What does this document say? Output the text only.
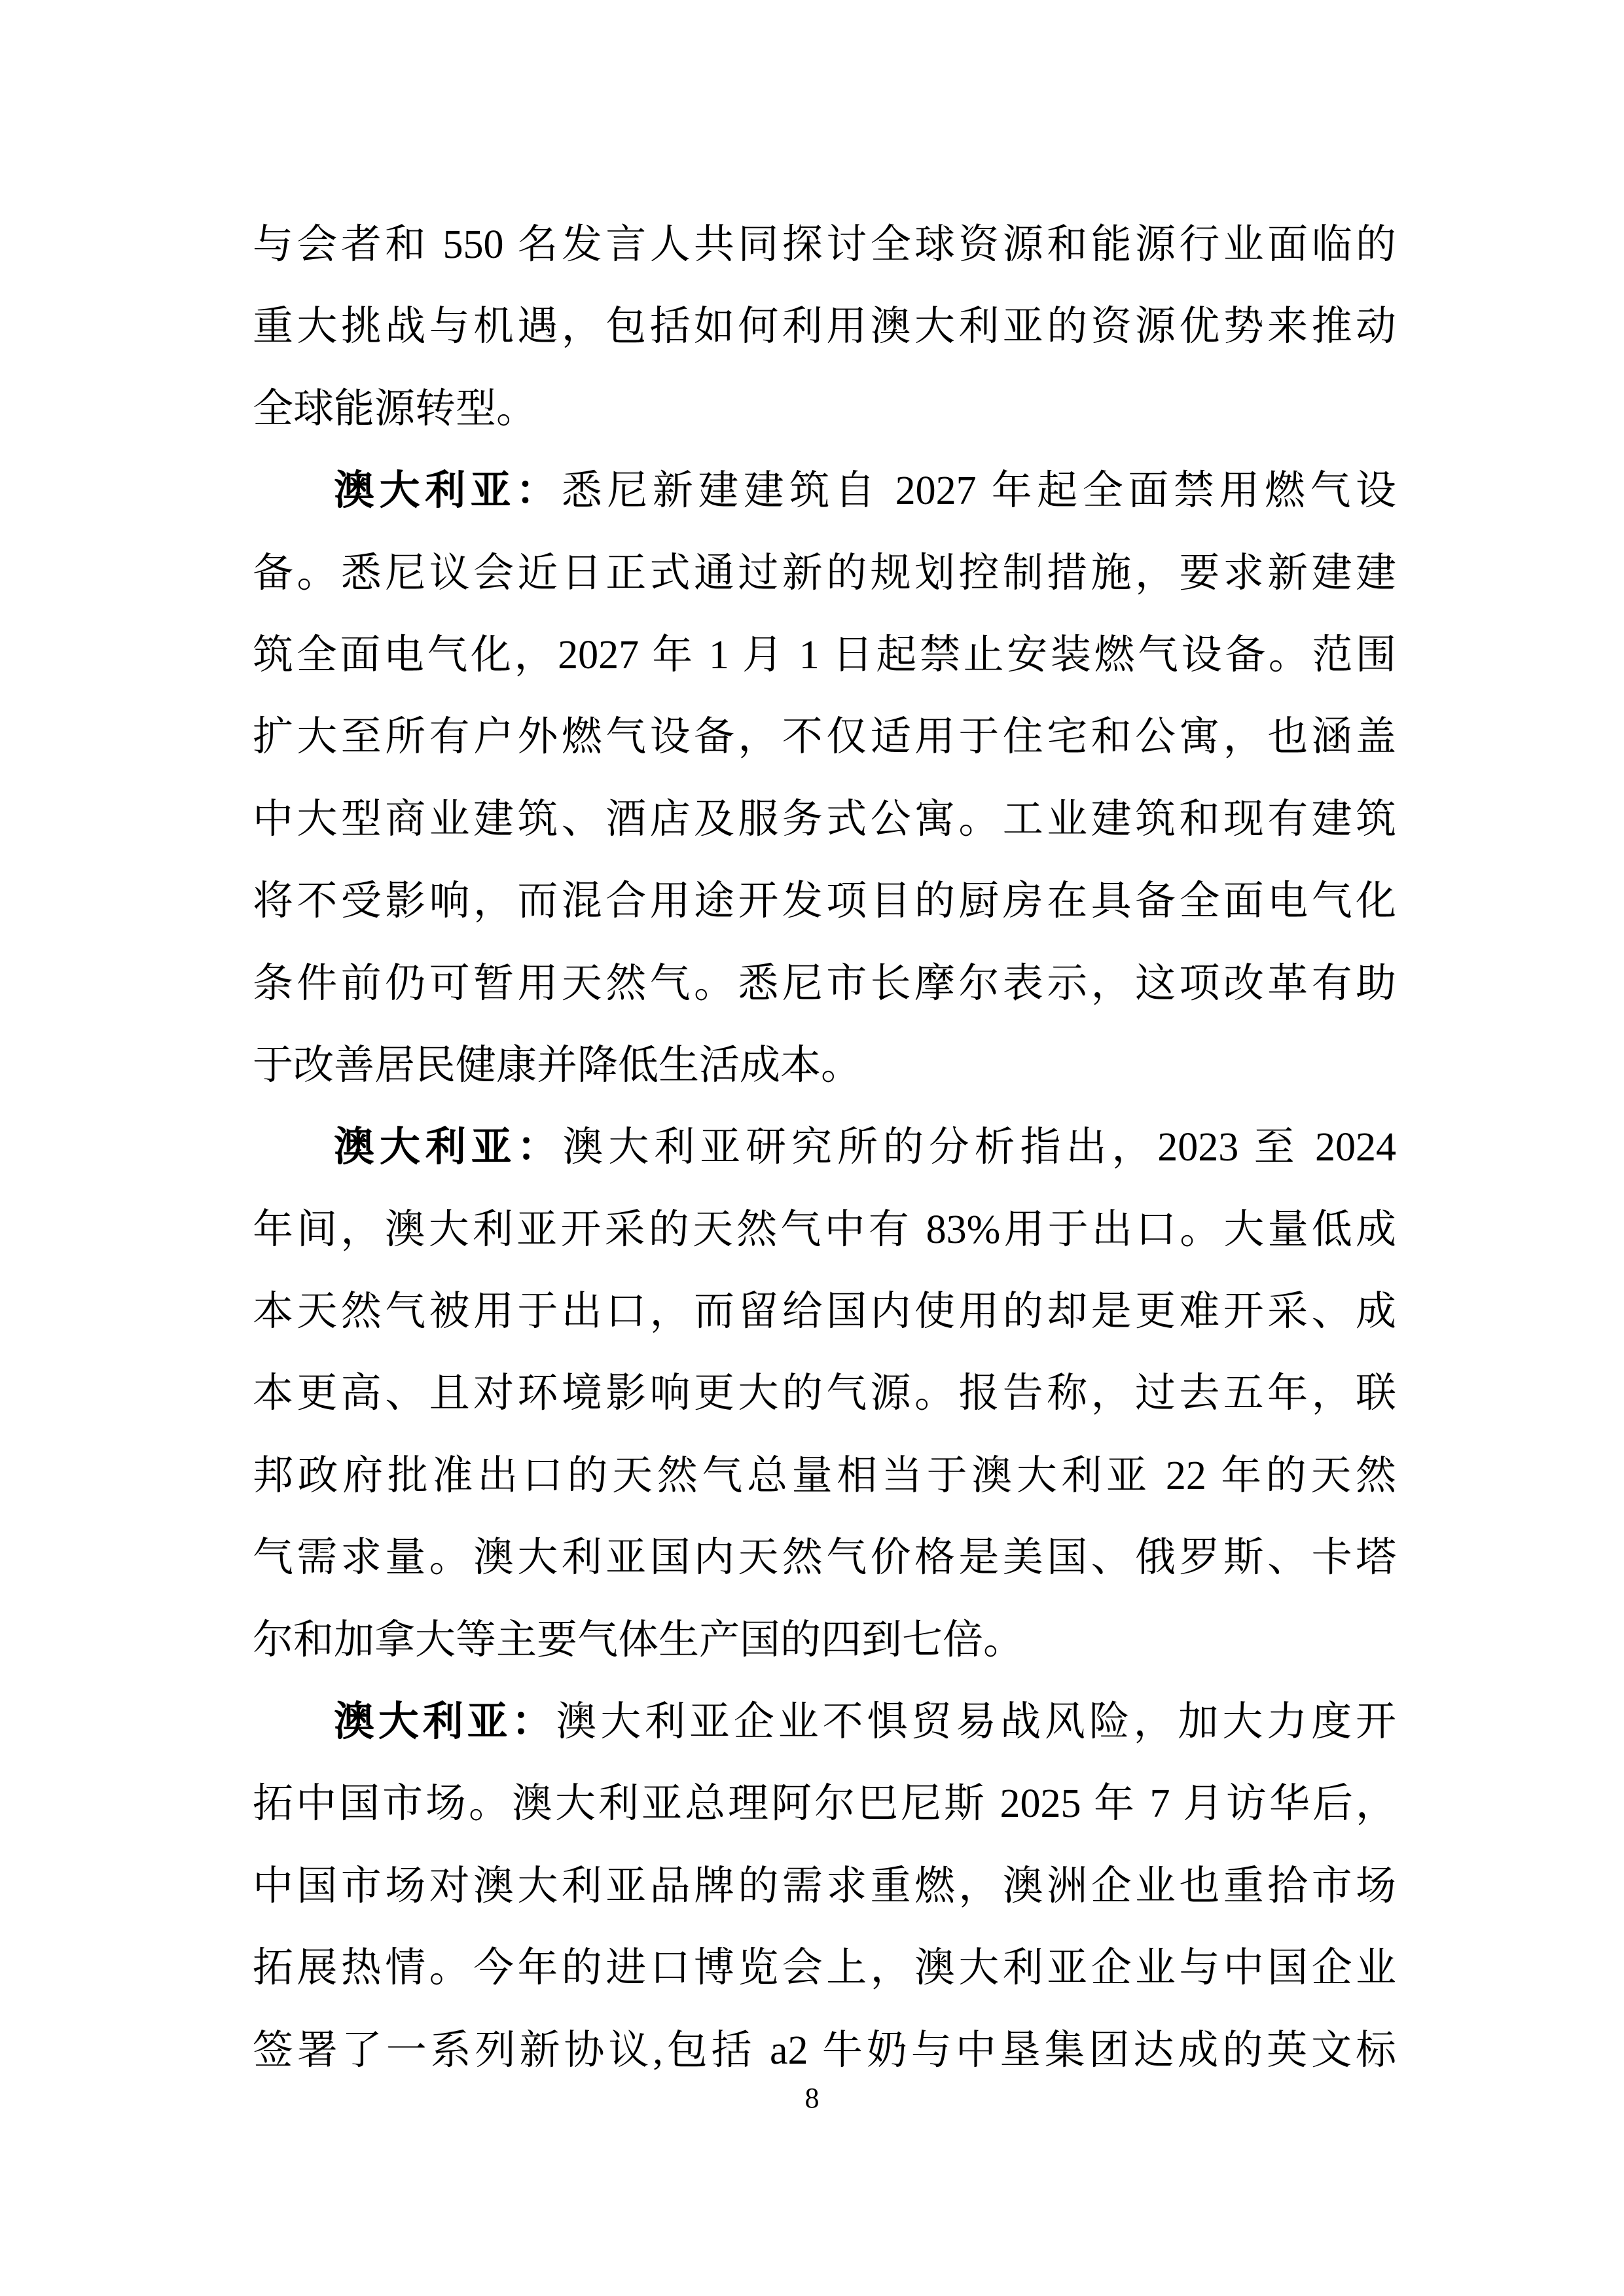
与会者和 550 名发言人共同探讨全球资源和能源行业面临的
重大挑战与机遇，包括如何利用澳大利亚的资源优势来推动
全球能源转型。
澳大利亚：悉尼新建建筑自 2027 年起全面禁用燃气设
备。悉尼议会近日正式通过新的规划控制措施，要求新建建
筑全面电气化，2027 年 1 月 1 日起禁止安装燃气设备。范围
扩大至所有户外燃气设备，不仅适用于住宅和公寓，也涵盖
中大型商业建筑、酒店及服务式公寓。工业建筑和现有建筑
将不受影响，而混合用途开发项目的厨房在具备全面电气化
条件前仍可暂用天然气。悉尼市长摩尔表示，这项改革有助
于改善居民健康并降低生活成本。
澳大利亚：澳大利亚研究所的分析指出，2023 至 2024
年间，澳大利亚开采的天然气中有 83%用于出口。大量低成
本天然气被用于出口，而留给国内使用的却是更难开采、成
本更高、且对环境影响更大的气源。报告称，过去五年，联
邦政府批准出口的天然气总量相当于澳大利亚 22 年的天然
气需求量。澳大利亚国内天然气价格是美国、俄罗斯、卡塔
尔和加拿大等主要气体生产国的四到七倍。
澳大利亚：澳大利亚企业不惧贸易战风险，加大力度开
拓中国市场。澳大利亚总理阿尔巴尼斯 2025 年 7 月访华后，
中国市场对澳大利亚品牌的需求重燃，澳洲企业也重拾市场
拓展热情。今年的进口博览会上，澳大利亚企业与中国企业
签署了一系列新协议,包括 a2 牛奶与中垦集团达成的英文标
8
